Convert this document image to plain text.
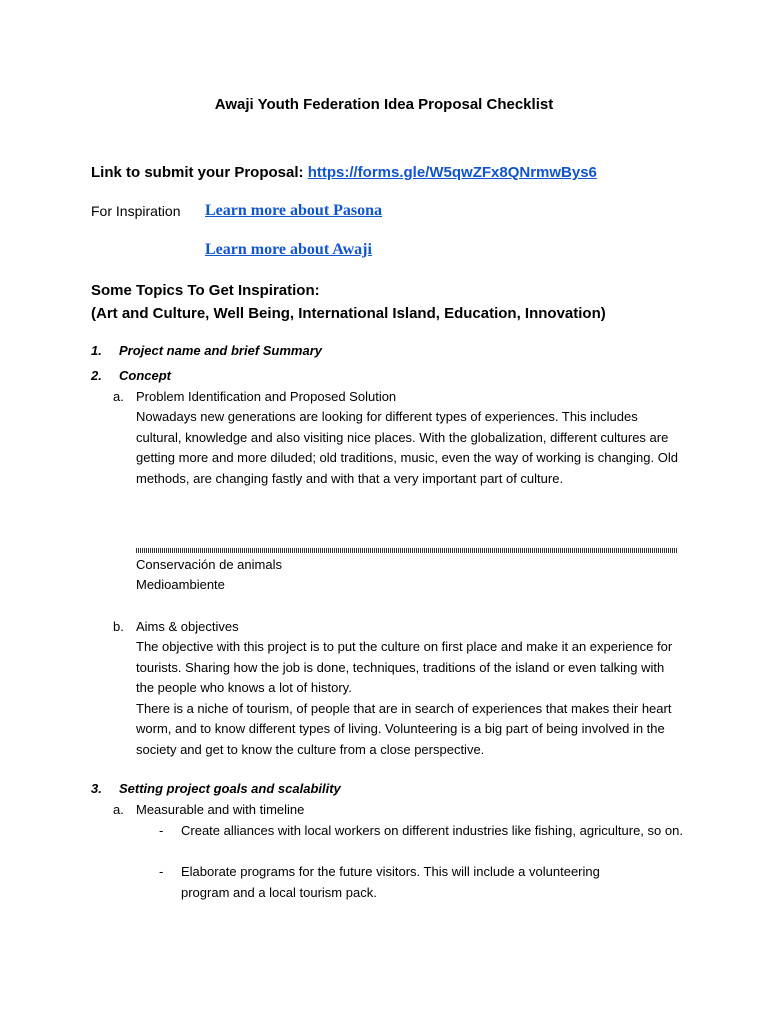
Awaji Youth Federation Idea Proposal Checklist
Link to submit your Proposal: https://forms.gle/W5qwZFx8QNrmwBys6
For Inspiration Learn more about Pasona
Learn more about Awaji
Some Topics To Get Inspiration:
(Art and Culture, Well Being, International Island, Education, Innovation)
1. Project name and brief Summary
2. Concept
a. Problem Identification and Proposed Solution

Nowadays new generations are looking for different types of experiences. This includes cultural, knowledge and also visiting nice places. With the globalization, different cultures are getting more and more diluded; old traditions, music, even the way of working is changing. Old methods, are changing fastly and with that a very important part of culture.

Conservación de animals
Medioambiente
b. Aims & objectives

The objective with this project is to put the culture on first place and make it an experience for tourists. Sharing how the job is done, techniques, traditions of the island or even talking with the people who knows a lot of history.

There is a niche of tourism, of people that are in search of experiences that makes their heart worm, and to know different types of living. Volunteering is a big part of being involved in the society and get to know the culture from a close perspective.

3. Setting project goals and scalability
a. Measurable and with timeline
- Create alliances with local workers on different industries like fishing, agriculture, so on.

- Elaborate programs for the future visitors. This will include a volunteering program and a local tourism pack.
